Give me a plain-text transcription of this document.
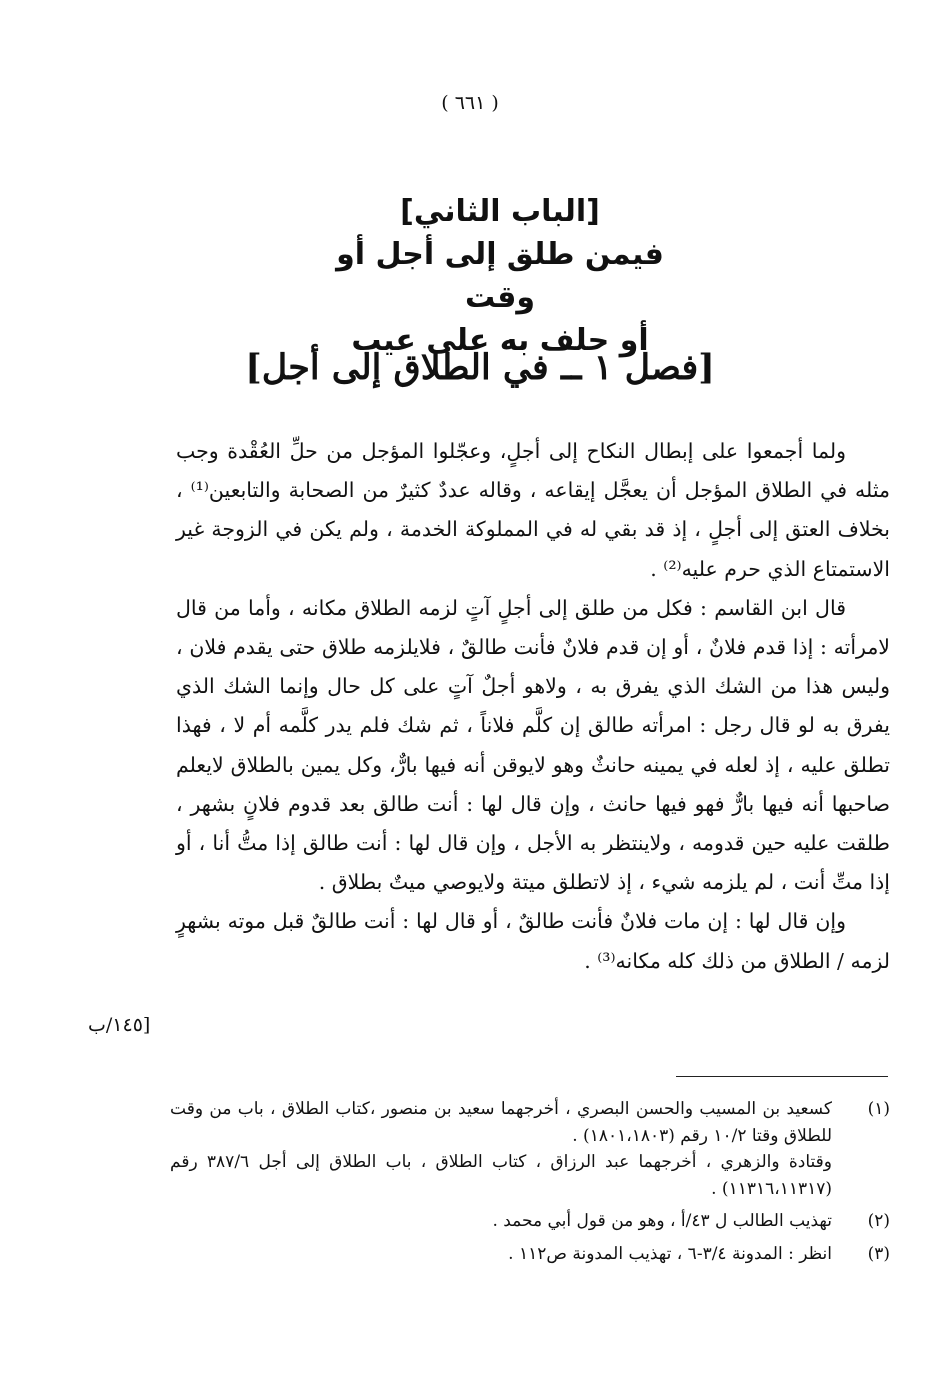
( ٦٦١ )
[الباب الثاني]
فيمن طلق إلى أجل أو وقت
أو حلف به على عيب
[فصل ١ ــ في الطلاق إلى أجل]

ولما أجمعوا على إبطال النكاح إلى أجلٍ، وعجّلوا المؤجل من حلِّ العُقْدة وجب مثله في الطلاق المؤجل أن يعجَّل إيقاعه ، وقاله عددٌ كثيرٌ من الصحابة والتابعين⁽¹⁾ ، بخلاف العتق إلى أجلٍ ، إذ قد بقي له في المملوكة الخدمة ، ولم يكن في الزوجة غير الاستمتاع الذي حرم عليه⁽²⁾ .

قال ابن القاسم : فكل من طلق إلى أجلٍ آتٍ لزمه الطلاق مكانه ، وأما من قال لامرأته : إذا قدم فلانٌ ، أو إن قدم فلانٌ فأنت طالقٌ ، فلايلزمه طلاق حتى يقدم فلان ، وليس هذا من الشك الذي يفرق به ، ولاهو أجلٌ آتٍ على كل حال وإنما الشك الذي يفرق به لو قال رجل : امرأته طالق إن كلَّم فلاناً ، ثم شك فلم يدر كلَّمه أم لا ، فهذا تطلق عليه ، إذ لعله في يمينه حانثٌ وهو لايوقن أنه فيها بارٌّ، وكل يمين بالطلاق لايعلم صاحبها أنه فيها بارٌّ فهو فيها حانث ، وإن قال لها : أنت طالق بعد قدوم فلانٍ بشهر ، طلقت عليه حين قدومه ، ولاينتظر به الأجل ، وإن قال لها : أنت طالق إذا متُّ أنا ، أو إذا متِّ أنت ، لم يلزمه شيء ، إذ لاتطلق ميتة ولايوصي ميتٌ بطلاق .

وإن قال لها : إن مات فلانٌ فأنت طالقٌ ، أو قال لها : أنت طالقٌ قبل موته بشهرٍ لزمه / الطلاق من ذلك كله مكانه⁽³⁾ .

[١٤٥/ب
(١)
كسعيد بن المسيب والحسن البصري ، أخرجهما سعيد بن منصور ،كتاب الطلاق ، باب من وقت للطلاق وقتا ١٠/٢ رقم (١٨٠١،١٨٠٣) .
وقتادة والزهري ، أخرجهما عبد الرزاق ، كتاب الطلاق ، باب الطلاق إلى أجل ٣٨٧/٦ رقم (١١٣١٦،١١٣١٧) .
(٢)
تهذيب الطالب ل ٤٣/أ ، وهو من قول أبي محمد .
(٣)
انظر : المدونة ٣/٤-٦ ، تهذيب المدونة ص١١٢ .
